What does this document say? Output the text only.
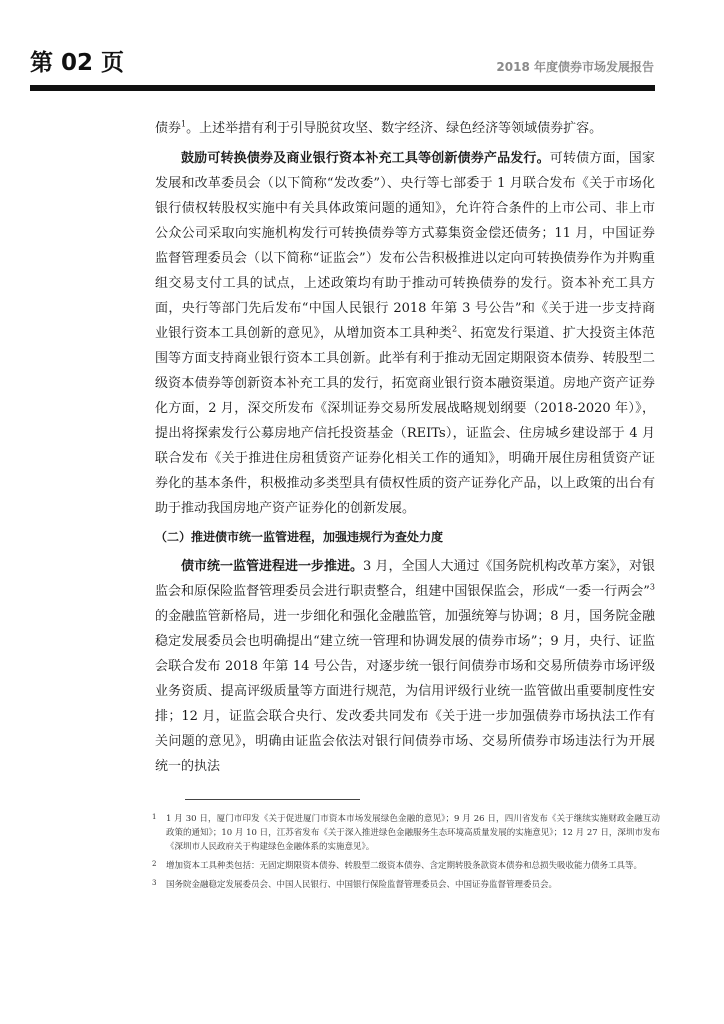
第 02 页	2018 年度债券市场发展报告

债券$^1$。上述举措有利于引导脱贫攻坚、数字经济、绿色经济等领域债券扩容。

鼓励可转换债券及商业银行资本补充工具等创新债券产品发行。可转债方面，国家发展和改革委员会（以下简称“发改委”）、央行等七部委于 1 月联合发布《关于市场化银行债权转股权实施中有关具体政策问题的通知》，允许符合条件的上市公司、非上市公众公司采取向实施机构发行可转换债券等方式募集资金偿还债务；11 月，中国证券监督管理委员会（以下简称“证监会”）发布公告积极推进以定向可转换债券作为并购重组交易支付工具的试点，上述政策均有助于推动可转换债券的发行。资本补充工具方面，央行等部门先后发布“中国人民银行 2018 年第 3 号公告”和《关于进一步支持商业银行资本工具创新的意见》，从增加资本工具种类$^2$、拓宽发行渠道、扩大投资主体范围等方面支持商业银行资本工具创新。此举有利于推动无固定期限资本债券、转股型二级资本债券等创新资本补充工具的发行，拓宽商业银行资本融资渠道。房地产资产证券化方面，2 月，深交所发布《深圳证券交易所发展战略规划纲要（2018-2020 年）》，提出将探索发行公募房地产信托投资基金（REITs），证监会、住房城乡建设部于 4 月联合发布《关于推进住房租赁资产证券化相关工作的通知》，明确开展住房租赁资产证券化的基本条件，积极推动多类型具有债权性质的资产证券化产品，以上政策的出台有助于推动我国房地产资产证券化的创新发展。

（二）推进债市统一监管进程，加强违规行为查处力度

债市统一监管进程进一步推进。3 月，全国人大通过《国务院机构改革方案》，对银监会和原保险监督管理委员会进行职责整合，组建中国银保监会，形成“一委一行两会”$^3$的金融监管新格局，进一步细化和强化金融监管，加强统筹与协调；8 月，国务院金融稳定发展委员会也明确提出“建立统一管理和协调发展的债券市场”；9 月，央行、证监会联合发布 2018 年第 14 号公告，对逐步统一银行间债券市场和交易所债券市场评级业务资质、提高评级质量等方面进行规范，为信用评级行业统一监管做出重要制度性安排；12 月，证监会联合央行、发改委共同发布《关于进一步加强债券市场执法工作有关问题的意见》，明确由证监会依法对银行间债券市场、交易所债券市场违法行为开展统一的执法

1 1 月 30 日，厦门市印发《关于促进厦门市资本市场发展绿色金融的意见》；9 月 26 日，四川省发布《关于继续实施财政金融互动政策的通知》；10 月 10 日，江苏省发布《关于深入推进绿色金融服务生态环境高质量发展的实施意见》；12 月 27 日，深圳市发布《深圳市人民政府关于构建绿色金融体系的实施意见》。

2 增加资本工具种类包括：无固定期限资本债券、转股型二级资本债券、含定期转股条款资本债券和总损失吸收能力债务工具等。

3 国务院金融稳定发展委员会、中国人民银行、中国银行保险监督管理委员会、中国证券监督管理委员会。
